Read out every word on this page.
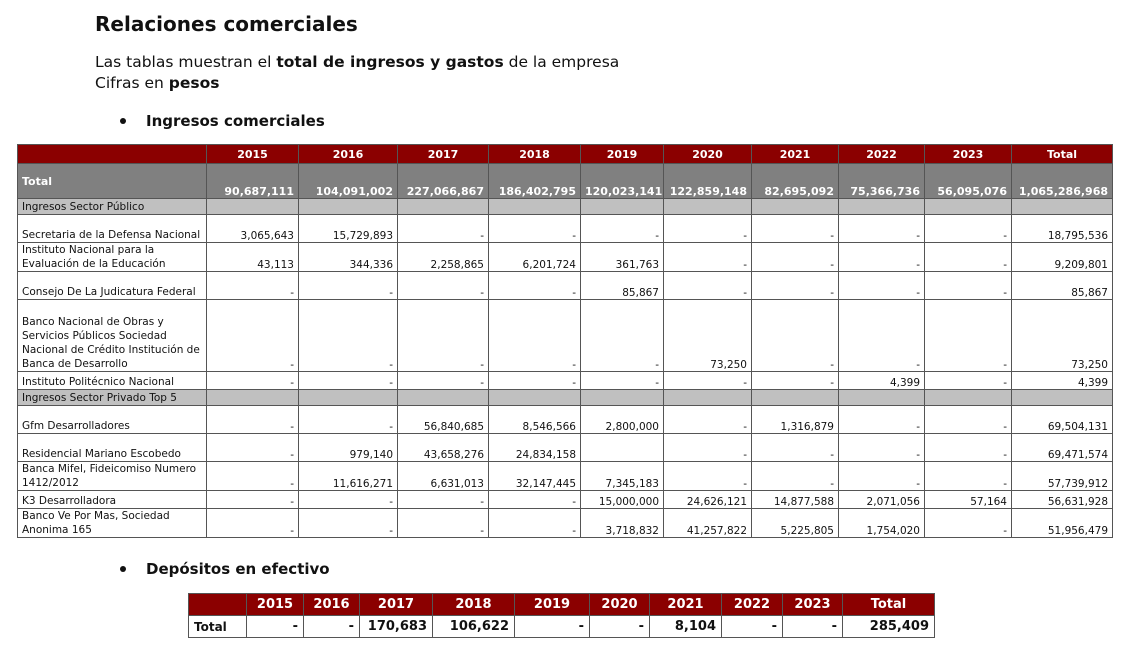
Relaciones comerciales
Las tablas muestran el total de ingresos y gastos de la empresa
Cifras en pesos
Ingresos comerciales
	2015	2016	2017	2018	2019	2020	2021	2022	2023	Total
Total	90,687,111	104,091,002	227,066,867	186,402,795	120,023,141	122,859,148	82,695,092	75,366,736	56,095,076	1,065,286,968
Ingresos Sector Público										
Secretaria de la Defensa Nacional	3,065,643	15,729,893	-	-	-	-	-	-	-	18,795,536
Instituto Nacional para la Evaluación de la Educación	43,113	344,336	2,258,865	6,201,724	361,763	-	-	-	-	9,209,801
Consejo De La Judicatura Federal	-	-	-	-	85,867	-	-	-	-	85,867
Banco Nacional de Obras y Servicios Públicos Sociedad Nacional de Crédito Institución de Banca de Desarrollo	-	-	-	-	-	73,250	-	-	-	73,250
Instituto Politécnico Nacional	-	-	-	-	-	-	-	4,399	-	4,399
Ingresos Sector Privado Top 5										
Gfm Desarrolladores	-	-	56,840,685	8,546,566	2,800,000	-	1,316,879	-	-	69,504,131
Residencial Mariano Escobedo	-	979,140	43,658,276	24,834,158		-	-	-	-	69,471,574
Banca Mifel, Fideicomiso Numero 1412/2012	-	11,616,271	6,631,013	32,147,445	7,345,183	-	-	-	-	57,739,912
K3 Desarrolladora	-	-	-	-	15,000,000	24,626,121	14,877,588	2,071,056	57,164	56,631,928
Banco Ve Por Mas, Sociedad Anonima 165	-	-	-	-	3,718,832	41,257,822	5,225,805	1,754,020	-	51,956,479
Depósitos en efectivo
	2015	2016	2017	2018	2019	2020	2021	2022	2023	Total
Total	-	-	170,683	106,622	-	-	8,104	-	-	285,409
